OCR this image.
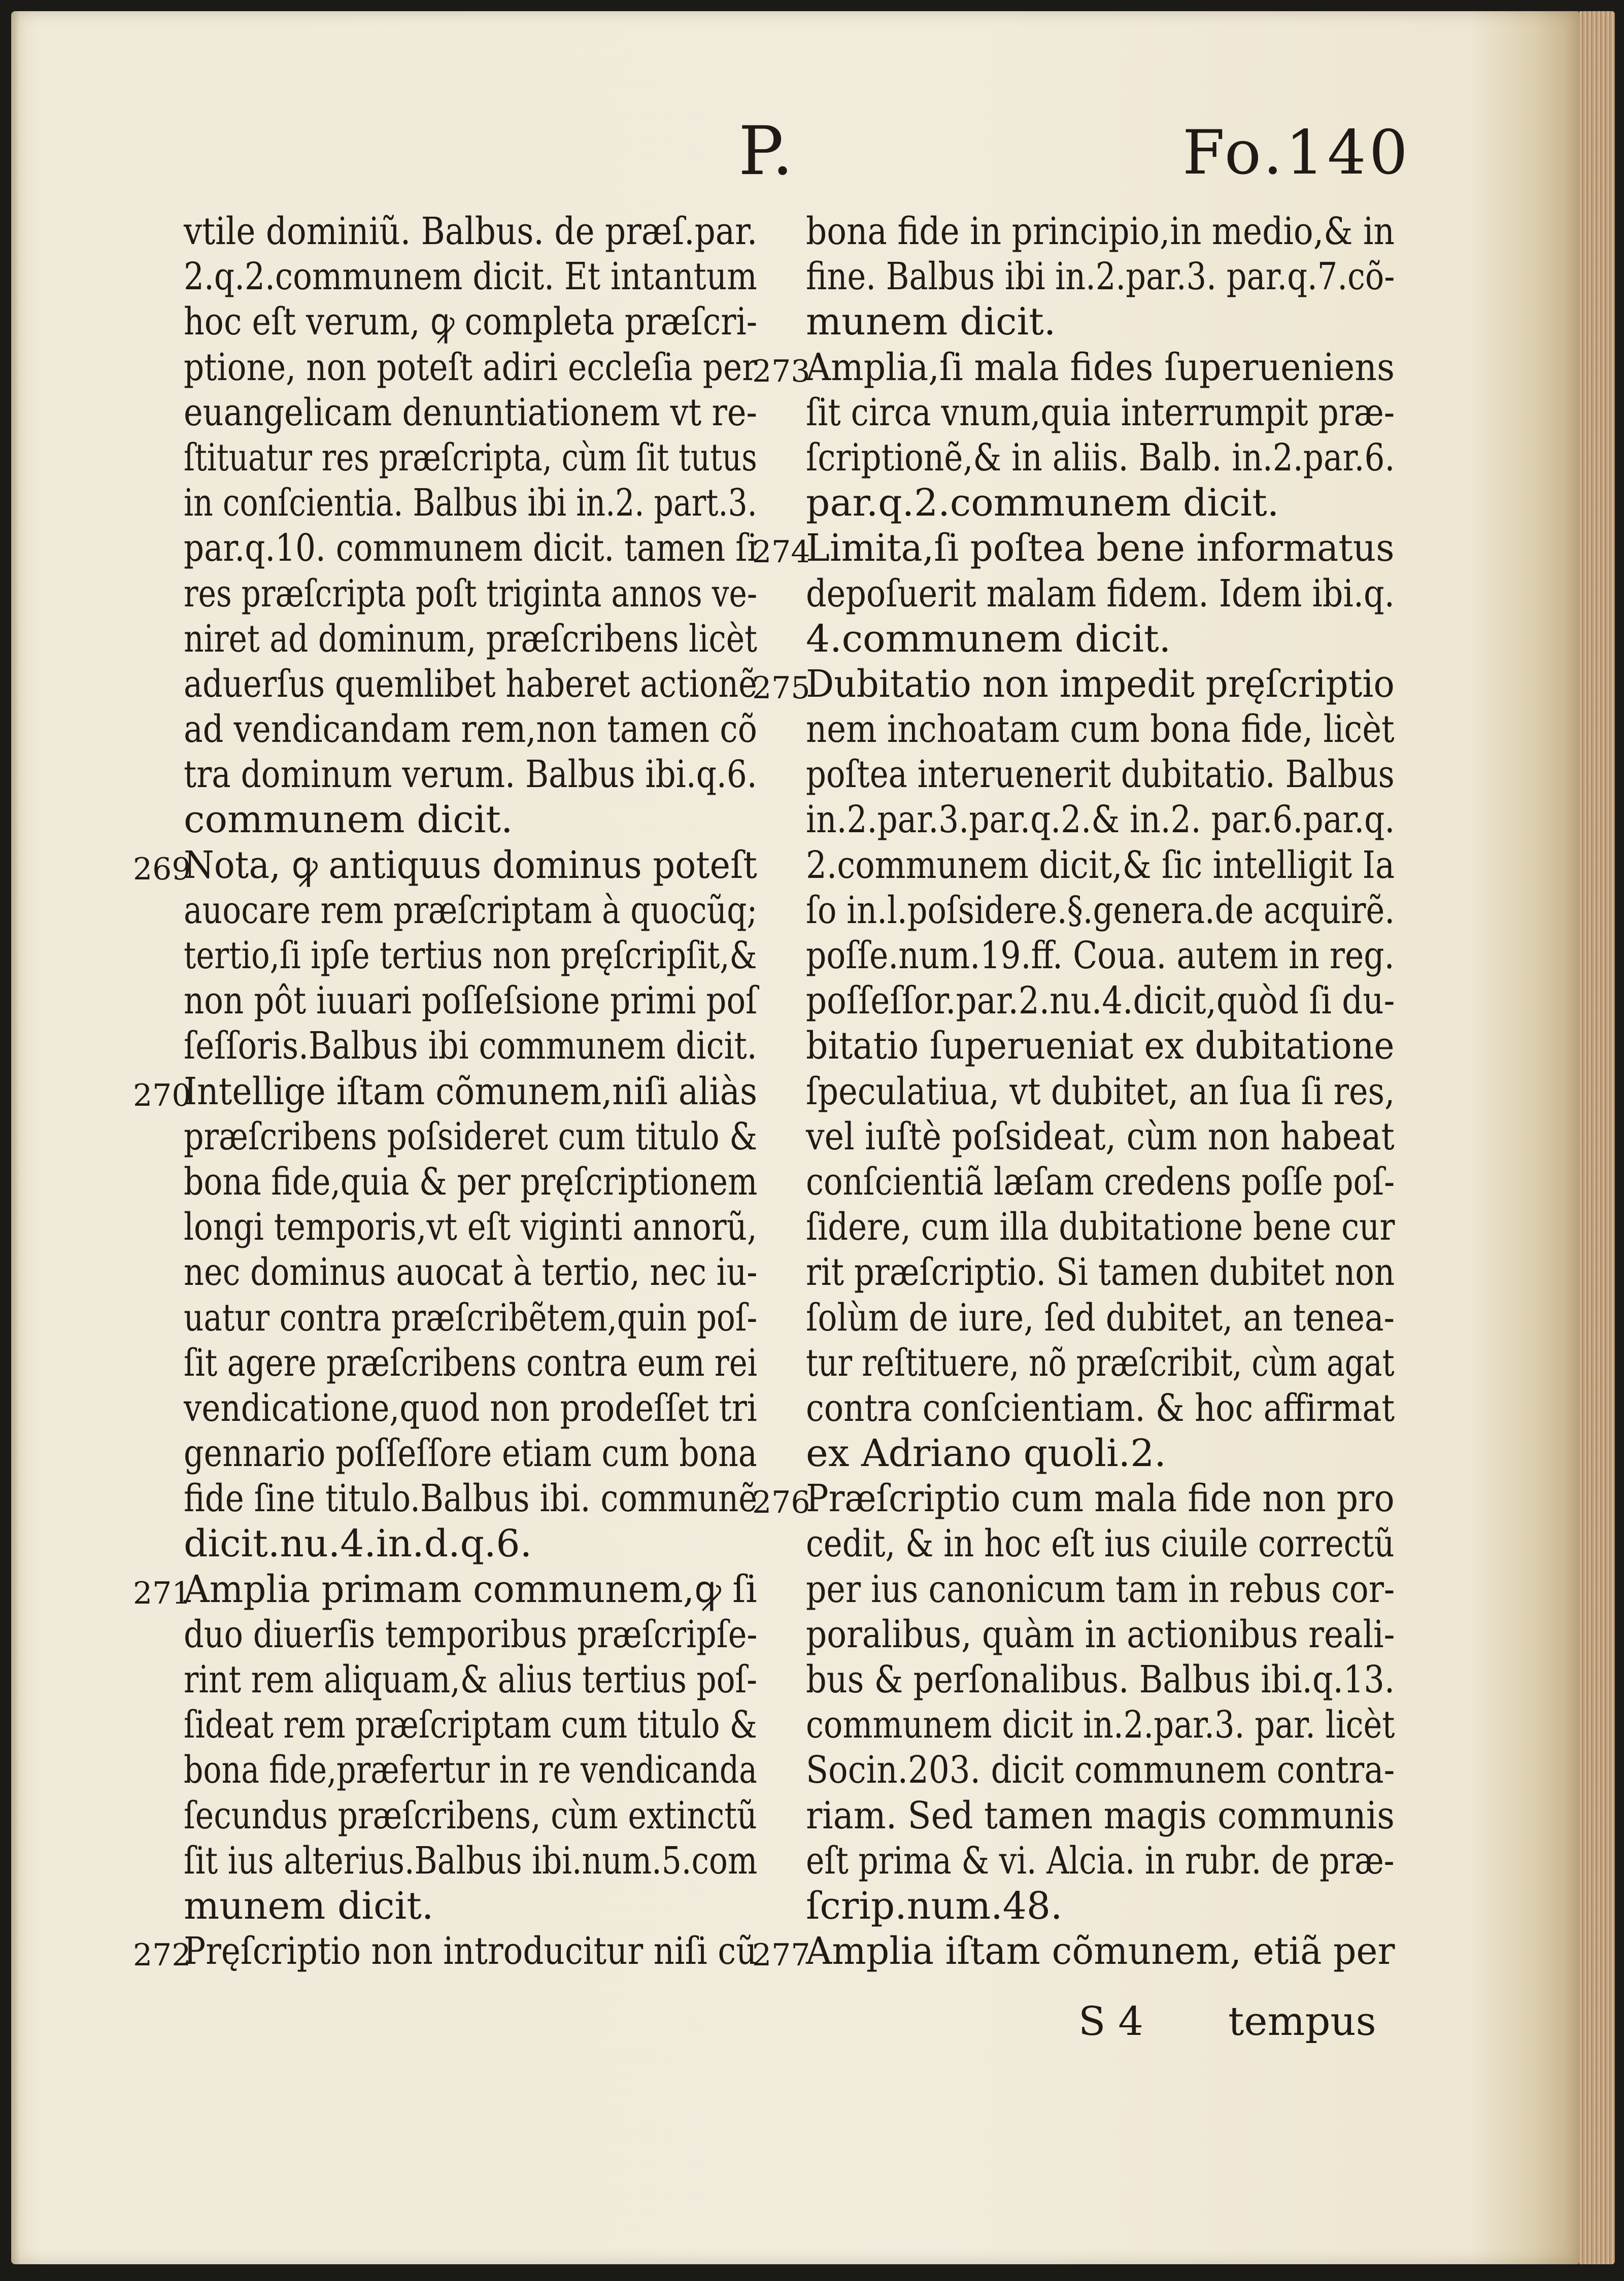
P.	Fo.140
vtile dominiũ. Balbus. de præſ.par.
2.q.2.communem dicit. Et intantum
hoc eſt verum, ꝙ completa præſcri-
ptione, non poteſt adiri eccleſia per
euangelicam denuntiationem vt re-
ſtituatur res præſcripta, cùm ſit tutus
in conſcientia. Balbus ibi in.2. part.3.
par.q.10. communem dicit. tamen ſi
res præſcripta poſt triginta annos ve-
niret ad dominum, præſcribens licèt
aduerſus quemlibet haberet actionẽ
ad vendicandam rem,non tamen cõ
tra dominum verum. Balbus ibi.q.6.
communem dicit.
269
Nota, ꝙ antiquus dominus poteſt
auocare rem præſcriptam à quocũq;
tertio,ſi ipſe tertius non pręſcripſit,&
non pôt iuuari poſſeſsione primi poſ
ſeſſoris.Balbus ibi communem dicit.
270
Intellige iſtam cõmunem,niſi aliàs
præſcribens poſsideret cum titulo &
bona fide,quia & per pręſcriptionem
longi temporis,vt eſt viginti annorũ,
nec dominus auocat à tertio, nec iu-
uatur contra præſcribẽtem,quin poſ-
ſit agere præſcribens contra eum rei
vendicatione,quod non prodeſſet tri
gennario poſſeſſore etiam cum bona
fide ſine titulo.Balbus ibi. communẽ
dicit.nu.4.in.d.q.6.
271
Amplia primam communem,ꝙ ſi
duo diuerſis temporibus præſcripſe-
rint rem aliquam,& alius tertius poſ-
ſideat rem præſcriptam cum titulo &
bona fide,præfertur in re vendicanda
ſecundus præſcribens, cùm extinctũ
ſit ius alterius.Balbus ibi.num.5.com
munem dicit.
272
Pręſcriptio non introducitur niſi cũ
bona fide in principio,in medio,& in
fine. Balbus ibi in.2.par.3. par.q.7.cõ-
munem dicit.
273
Amplia,ſi mala fides ſuperueniens
ſit circa vnum,quia interrumpit præ-
ſcriptionẽ,& in aliis. Balb. in.2.par.6.
par.q.2.communem dicit.
274
Limita,ſi poſtea bene informatus
depoſuerit malam fidem. Idem ibi.q.
4.communem dicit.
275
Dubitatio non impedit pręſcriptio
nem inchoatam cum bona fide, licèt
poſtea interuenerit dubitatio. Balbus
in.2.par.3.par.q.2.& in.2. par.6.par.q.
2.communem dicit,& ſic intelligit Ia
ſo in.l.poſsidere.§.genera.de acquirẽ.
poſſe.num.19.ff. Coua. autem in reg.
poſſeſſor.par.2.nu.4.dicit,quòd ſi du-
bitatio ſuperueniat ex dubitatione
ſpeculatiua, vt dubitet, an ſua ſi res,
vel iuſtè poſsideat, cùm non habeat
conſcientiã læſam credens poſſe poſ-
ſidere, cum illa dubitatione bene cur
rit præſcriptio. Si tamen dubitet non
ſolùm de iure, ſed dubitet, an tenea-
tur reſtituere, nõ præſcribit, cùm agat
contra conſcientiam. & hoc affirmat
ex Adriano quoli.2.
276
Præſcriptio cum mala fide non pro
cedit, & in hoc eſt ius ciuile correctũ
per ius canonicum tam in rebus cor-
poralibus, quàm in actionibus reali-
bus & perſonalibus. Balbus ibi.q.13.
communem dicit in.2.par.3. par. licèt
Socin.203. dicit communem contra-
riam. Sed tamen magis communis
eſt prima & vi. Alcia. in rubr. de præ-
ſcrip.num.48.
277
Amplia iſtam cõmunem, etiã per
S 4 tempus
